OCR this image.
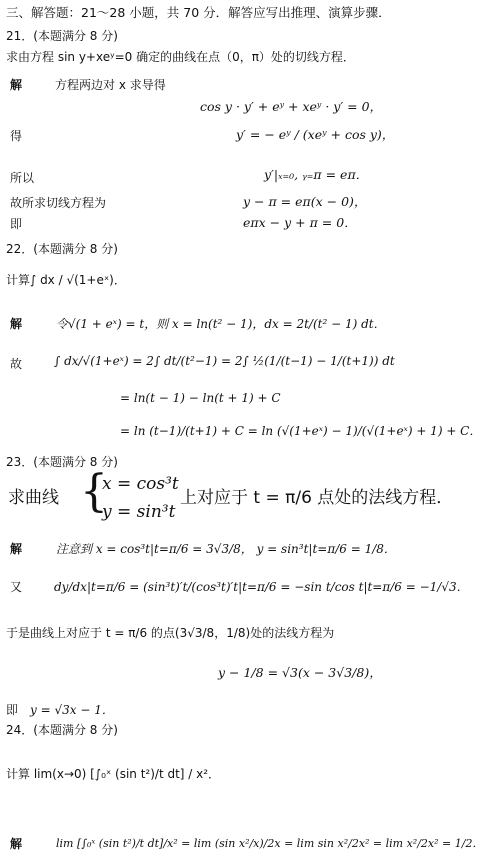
三、解答题：21～28 小题，共 70 分．解答应写出推理、演算步骤．
21．(本题满分 8 分)
求由方程 sin y+xeʸ=0 确定的曲线在点（0，π）处的切线方程．
解	方程两边对 x 求导得
cos y · y′ + eʸ + xeʸ · y′ = 0，
得	y′ = − eʸ / (xeʸ + cos y)，
所以	y′|ₓ₌₀, ᵧ₌π = eᴨ．
故所求切线方程为	y − π = eᴨ(x − 0)，
即	eᴨx − y + π = 0．
22．(本题满分 8 分)
计算∫ dx / √(1+eˣ)．
解	令√(1 + eˣ) = t，则 x = ln(t² − 1)，dx = 2t/(t² − 1) dt．
故	∫ dx/√(1+eˣ) = 2∫ dt/(t²−1) = 2∫ ½(1/(t−1) − 1/(t+1)) dt
= ln(t − 1) − ln(t + 1) + C
= ln (t−1)/(t+1) + C = ln (√(1+eˣ) − 1)/(√(1+eˣ) + 1) + C．
23．(本题满分 8 分)
求曲线 {
x = cos³t
y = sin³t
上对应于 t = π/6 点处的法线方程．
解	注意到 x = cos³t|t=π/6 = 3√3/8， y = sin³t|t=π/6 = 1/8．
又	dy/dx|t=π/6 = (sin³t)′t/(cos³t)′t|t=π/6 = −sin t/cos t|t=π/6 = −1/√3．
于是曲线上对应于 t = π/6 的点(3√3/8，1/8)处的法线方程为
y − 1/8 = √3(x − 3√3/8)，
即 y = √3x − 1．
24．(本题满分 8 分)
计算 lim(x→0) [∫₀ˣ (sin t²)/t dt] / x²．
解	lim [∫₀ˣ (sin t²)/t dt]/x² = lim (sin x²/x)/2x = lim sin x²/2x² = lim x²/2x² = 1/2．
